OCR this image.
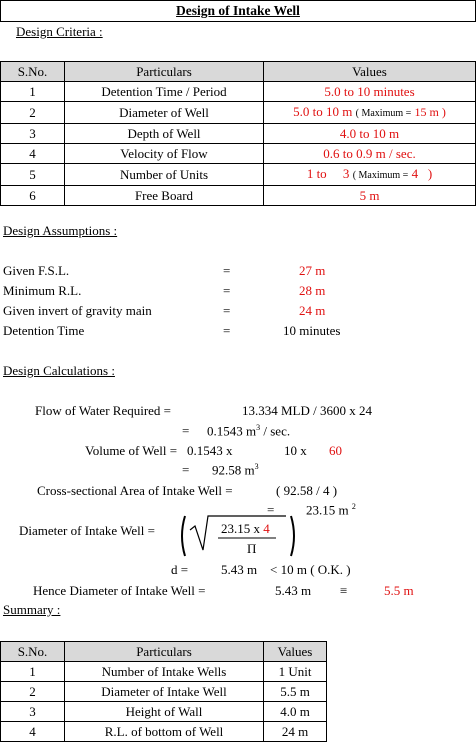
Design of Intake Well
Design Criteria :
S.No.	Particulars	Values
1	Detention Time / Period	5.0 to 10 minutes
2	Diameter of Well	5.0 to 10 m ( Maximum = 15 m )
3	Depth of Well	4.0 to 10 m
4	Velocity of Flow	0.6 to 0.9 m / sec.
5	Number of Units	1 to     3 ( Maximum = 4   )
6	Free Board	5 m
Design Assumptions :
Given F.S.L.	=	27 m
Minimum R.L.	=	28 m
Given invert of gravity main	=	24 m
Detention Time	=	10 minutes
Design Calculations :
Flow of Water Required =	13.334 MLD / 3600 x 24
= 0.1543 $m^3$ / sec.
Volume of Well = 0.1543 x	10 x 60
= 92.58 $m^3$
Cross-sectional Area of Intake Well =	( 92.58 / 4 )
= 23.15 m $^2$
Diameter of Intake Well =	23.15 x 4
Π
d =	5.43 m < 10 m ( O.K. )
Hence Diameter of Intake Well =	5.43 m ≡	5.5 m
Summary :
S.No.	Particulars	Values
1	Number of Intake Wells	1 Unit
2	Diameter of Intake Well	5.5 m
3	Height of Wall	4.0 m
4	R.L. of bottom of Well	24 m
